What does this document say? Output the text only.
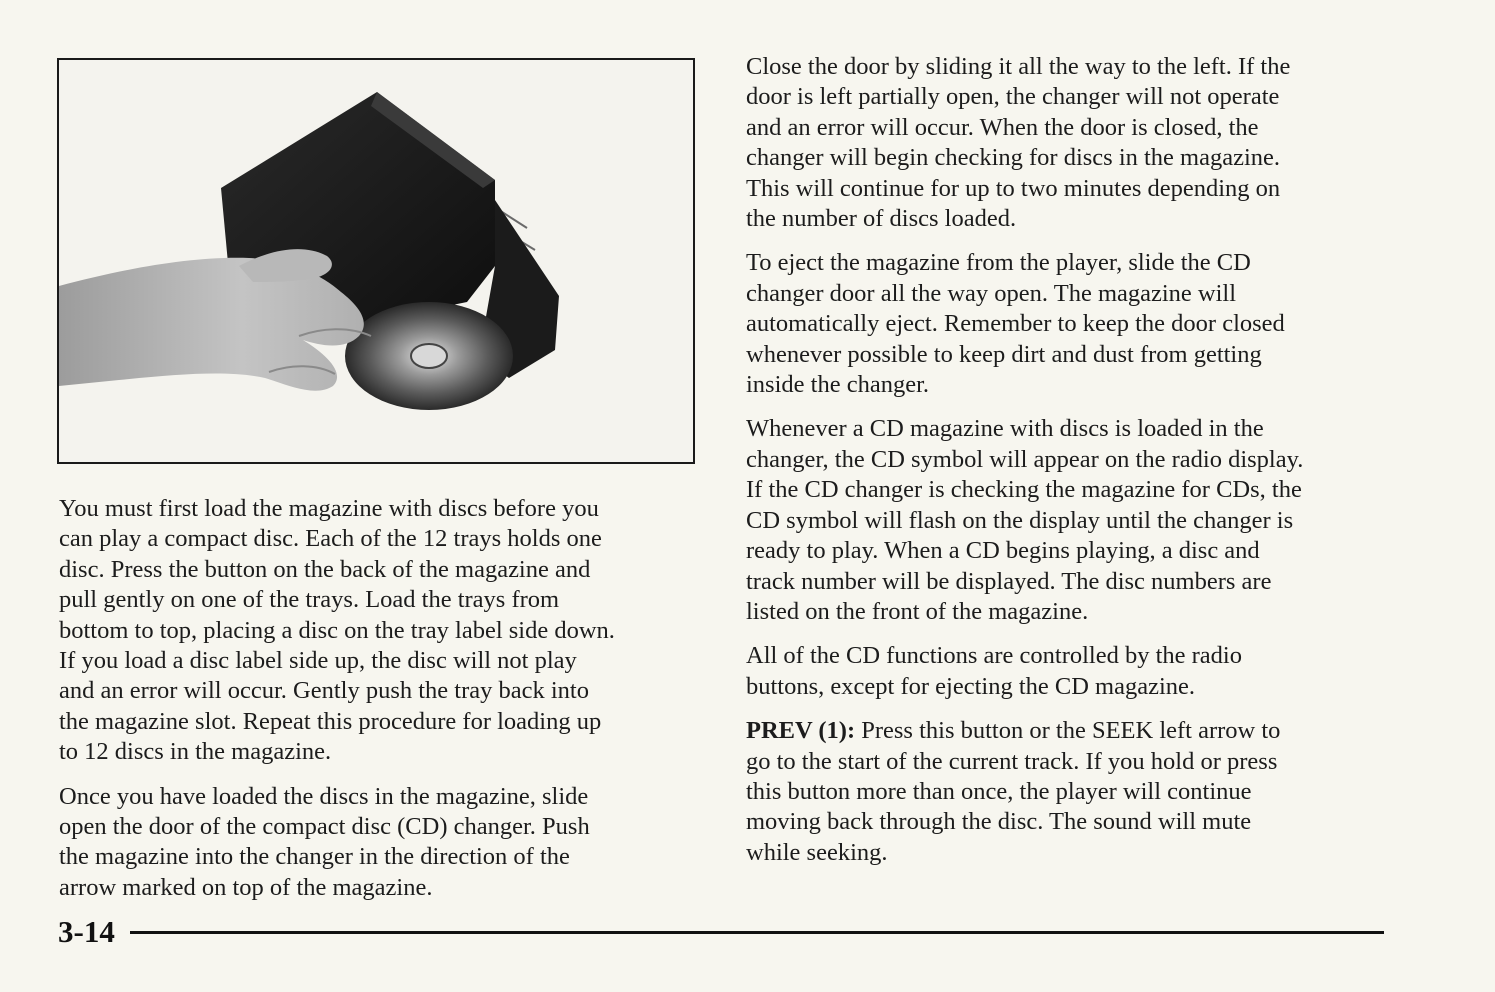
You must first load the magazine with discs before you

can play a compact disc. Each of the 12 trays holds one

disc. Press the button on the back of the magazine and

pull gently on one of the trays. Load the trays from

bottom to top, placing a disc on the tray label side down.

If you load a disc label side up, the disc will not play

and an error will occur. Gently push the tray back into

the magazine slot. Repeat this procedure for loading up

to 12 discs in the magazine.

Once you have loaded the discs in the magazine, slide

open the door of the compact disc (CD) changer. Push

the magazine into the changer in the direction of the

arrow marked on top of the magazine.

Close the door by sliding it all the way to the left. If the

door is left partially open, the changer will not operate

and an error will occur. When the door is closed, the

changer will begin checking for discs in the magazine.

This will continue for up to two minutes depending on

the number of discs loaded.

To eject the magazine from the player, slide the CD

changer door all the way open. The magazine will

automatically eject. Remember to keep the door closed

whenever possible to keep dirt and dust from getting

inside the changer.

Whenever a CD magazine with discs is loaded in the

changer, the CD symbol will appear on the radio display.

If the CD changer is checking the magazine for CDs, the

CD symbol will flash on the display until the changer is

ready to play. When a CD begins playing, a disc and

track number will be displayed. The disc numbers are

listed on the front of the magazine.

All of the CD functions are controlled by the radio

buttons, except for ejecting the CD magazine.

PREV (1): Press this button or the SEEK left arrow to

go to the start of the current track. If you hold or press

this button more than once, the player will continue

moving back through the disc. The sound will mute

while seeking.

3-14
